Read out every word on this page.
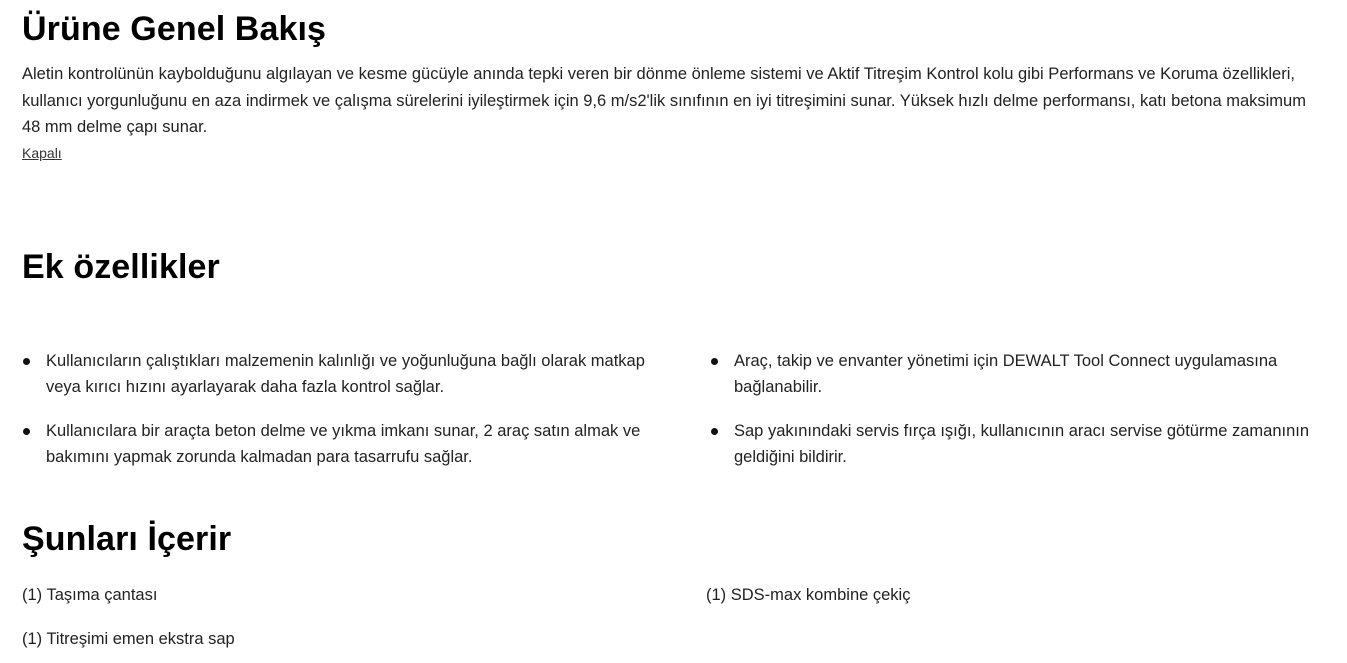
Ürüne Genel Bakış

Aletin kontrolünün kaybolduğunu algılayan ve kesme gücüyle anında tepki veren bir dönme önleme sistemi ve Aktif Titreşim Kontrol kolu gibi Performans ve Koruma özellikleri, kullanıcı yorgunluğunu en aza indirmek ve çalışma sürelerini iyileştirmek için 9,6 m/s2'lik sınıfının en iyi titreşimini sunar. Yüksek hızlı delme performansı, katı betona maksimum 48 mm delme çapı sunar.

Kapalı
Ek özellikler
Kullanıcıların çalıştıkları malzemenin kalınlığı ve yoğunluğuna bağlı olarak matkap veya kırıcı hızını ayarlayarak daha fazla kontrol sağlar.
Kullanıcılara bir araçta beton delme ve yıkma imkanı sunar, 2 araç satın almak ve bakımını yapmak zorunda kalmadan para tasarrufu sağlar.
Araç, takip ve envanter yönetimi için DEWALT Tool Connect uygulamasına bağlanabilir.
Sap yakınındaki servis fırça ışığı, kullanıcının aracı servise götürme zamanının geldiğini bildirir.
Şunları İçerir
(1) Taşıma çantası
(1) Titreşimi emen ekstra sap
(1) SDS-max kombine çekiç
